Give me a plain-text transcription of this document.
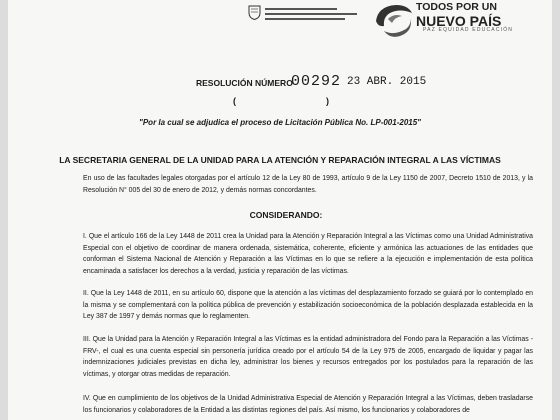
TODOS POR UN
NUEVO PAÍS
PAZ EQUIDAD EDUCACIÓN
RESOLUCIÓN NÚMERO
00292 23 ABR. 2015
(	)
"Por la cual se adjudica el proceso de Licitación Pública No. LP-001-2015"
LA SECRETARIA GENERAL DE LA UNIDAD PARA LA ATENCIÓN Y REPARACIÓN INTEGRAL A LAS VÍCTIMAS

En uso de las facultades legales otorgadas por el artículo 12 de la Ley 80 de 1993, artículo 9 de la Ley 1150 de 2007, Decreto 1510 de 2013, y la Resolución N° 005 del 30 de enero de 2012, y demás normas concordantes.

CONSIDERANDO:

I. Que el artículo 166 de la Ley 1448 de 2011 crea la Unidad para la Atención y Reparación Integral a las Víctimas como una Unidad Administrativa Especial con el objetivo de coordinar de manera ordenada, sistemática, coherente, eficiente y armónica las actuaciones de las entidades que conforman el Sistema Nacional de Atención y Reparación a las Víctimas en lo que se refiere a la ejecución e implementación de esta política encaminada a satisfacer los derechos a la verdad, justicia y reparación de las víctimas.

II. Que la Ley 1448 de 2011, en su artículo 60, dispone que la atención a las víctimas del desplazamiento forzado se guiará por lo contemplado en la misma y se complementará con la política pública de prevención y estabilización socioeconómica de la población desplazada establecida en la Ley 387 de 1997 y demás normas que lo reglamenten.

III. Que la Unidad para la Atención y Reparación Integral a las Víctimas es la entidad administradora del Fondo para la Reparación a las Víctimas -FRV-, el cual es una cuenta especial sin personería jurídica creado por el artículo 54 de la Ley 975 de 2005, encargado de liquidar y pagar las indemnizaciones judiciales previstas en dicha ley, administrar los bienes y recursos entregados por los postulados para la reparación de las víctimas, y otorgar otras medidas de reparación.

IV. Que en cumplimiento de los objetivos de la Unidad Administrativa Especial de Atención y Reparación Integral a las Víctimas, deben trasladarse los funcionarios y colaboradores de la Entidad a las distintas regiones del país. Así mismo, los funcionarios y colaboradores de
